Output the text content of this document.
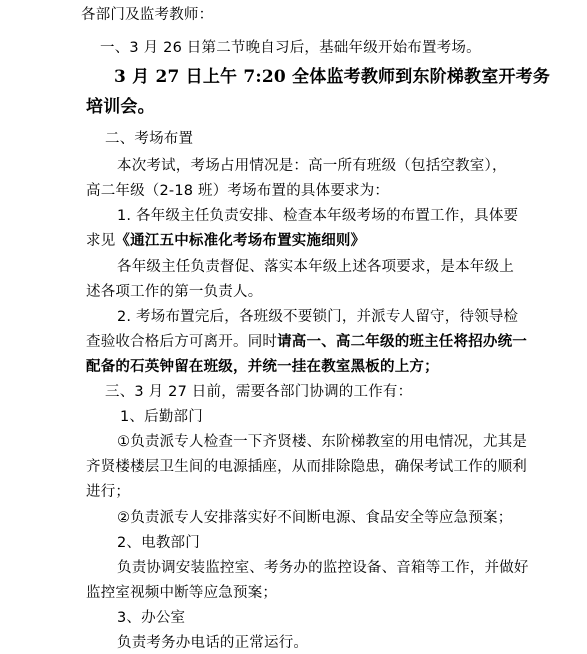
各部门及监考教师：
一、3 月 26 日第二节晚自习后，基础年级开始布置考场。
3 月 27 日上午 7:20 全体监考教师到东阶梯教室开考务
培训会。
二、考场布置
本次考试，考场占用情况是：高一所有班级（包括空教室），
高二年级（2-18 班）考场布置的具体要求为：
1. 各年级主任负责安排、检查本年级考场的布置工作，具体要
求见《通江五中标准化考场布置实施细则》
各年级主任负责督促、落实本年级上述各项要求，是本年级上
述各项工作的第一负责人。
2. 考场布置完后，各班级不要锁门，并派专人留守，待领导检
查验收合格后方可离开。同时请高一、高二年级的班主任将招办统一
配备的石英钟留在班级，并统一挂在教室黑板的上方；
三、3 月 27 日前，需要各部门协调的工作有：
1、后勤部门
①负责派专人检查一下齐贤楼、东阶梯教室的用电情况，尤其是
齐贤楼楼层卫生间的电源插座，从而排除隐患，确保考试工作的顺利
进行；
②负责派专人安排落实好不间断电源、食品安全等应急预案；
2、电教部门
负责协调安装监控室、考务办的监控设备、音箱等工作，并做好
监控室视频中断等应急预案；
3、办公室
负责考务办电话的正常运行。
